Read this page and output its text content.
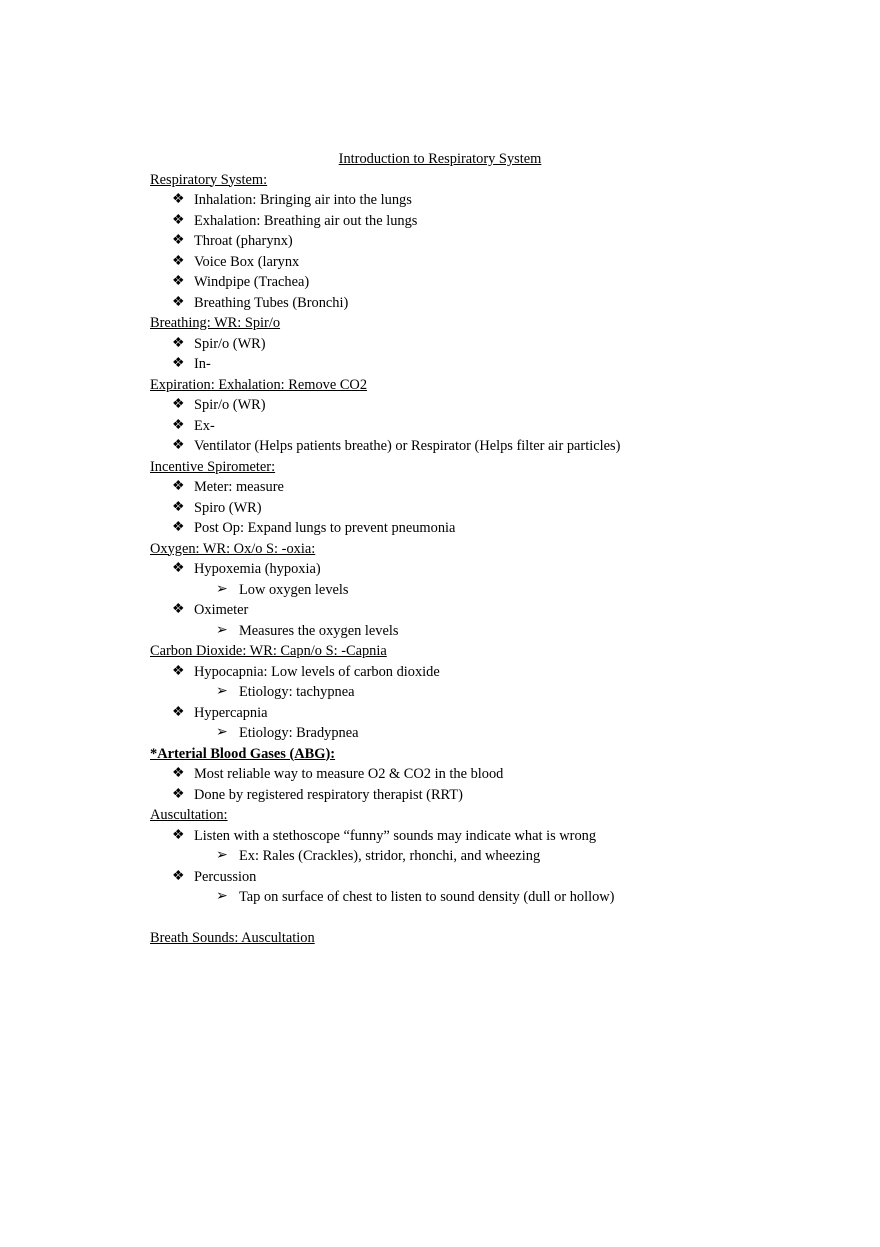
Introduction to Respiratory System
Respiratory System:
❖ Inhalation: Bringing air into the lungs
❖ Exhalation: Breathing air out the lungs
❖ Throat (pharynx)
❖ Voice Box (larynx
❖ Windpipe (Trachea)
❖ Breathing Tubes (Bronchi)
Breathing: WR: Spir/o
❖ Spir/o (WR)
❖ In-
Expiration: Exhalation: Remove CO2
❖ Spir/o (WR)
❖ Ex-
❖ Ventilator (Helps patients breathe) or Respirator (Helps filter air particles)
Incentive Spirometer:
❖ Meter: measure
❖ Spiro (WR)
❖ Post Op: Expand lungs to prevent pneumonia
Oxygen: WR: Ox/o S: -oxia:
❖ Hypoxemia (hypoxia)
➢ Low oxygen levels
❖ Oximeter
➢ Measures the oxygen levels
Carbon Dioxide: WR: Capn/o S: -Capnia
❖ Hypocapnia: Low levels of carbon dioxide
➢ Etiology: tachypnea
❖ Hypercapnia
➢ Etiology: Bradypnea
*Arterial Blood Gases (ABG):
❖ Most reliable way to measure O2 & CO2 in the blood
❖ Done by registered respiratory therapist (RRT)
Auscultation:
❖ Listen with a stethoscope “funny” sounds may indicate what is wrong
➢ Ex: Rales (Crackles), stridor, rhonchi, and wheezing
❖ Percussion
➢ Tap on surface of chest to listen to sound density (dull or hollow)
Breath Sounds: Auscultation
